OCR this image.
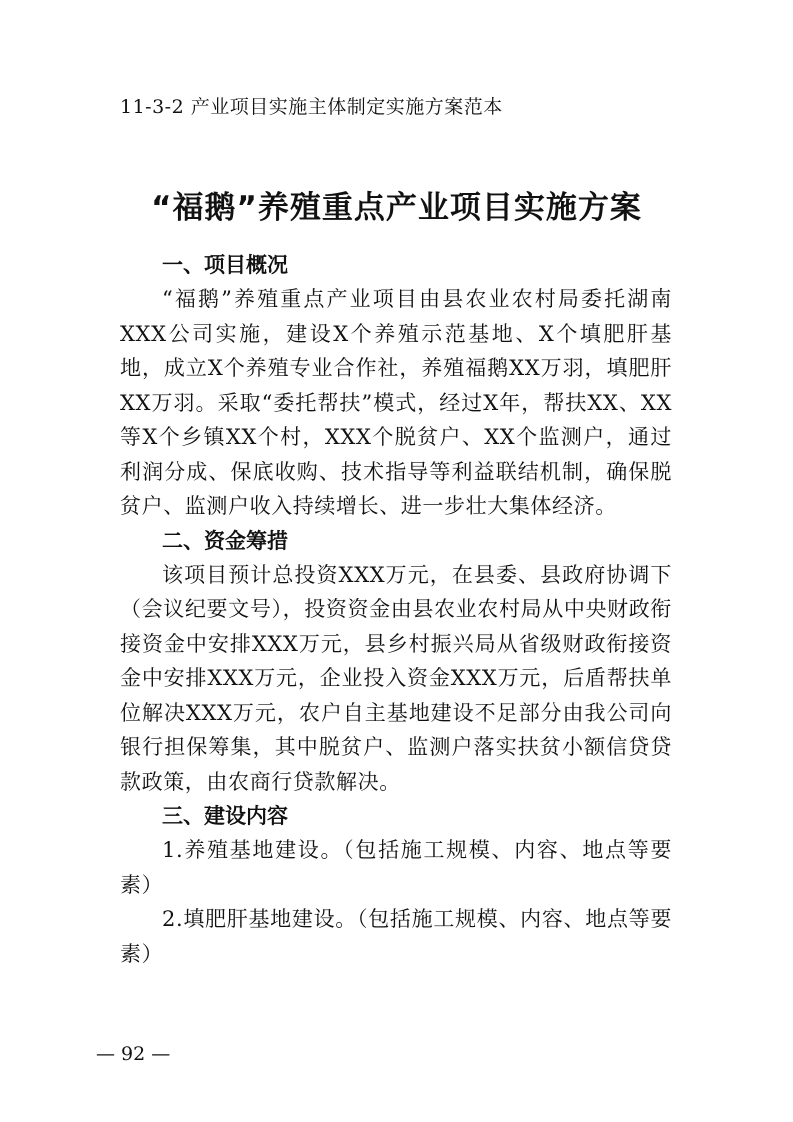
11-3-2 产业项目实施主体制定实施方案范本
“福鹅”养殖重点产业项目实施方案

一、项目概况

“福鹅”养殖重点产业项目由县农业农村局委托湖南XXX公司实施，建设X个养殖示范基地、X个填肥肝基地，成立X个养殖专业合作社，养殖福鹅XX万羽，填肥肝XX万羽。采取“委托帮扶”模式，经过X年，帮扶XX、XX等X个乡镇XX个村，XXX个脱贫户、XX个监测户，通过利润分成、保底收购、技术指导等利益联结机制，确保脱贫户、监测户收入持续增长、进一步壮大集体经济。

二、资金筹措

该项目预计总投资XXX万元，在县委、县政府协调下（会议纪要文号），投资资金由县农业农村局从中央财政衔接资金中安排XXX万元，县乡村振兴局从省级财政衔接资金中安排XXX万元，企业投入资金XXX万元，后盾帮扶单位解决XXX万元，农户自主基地建设不足部分由我公司向银行担保筹集，其中脱贫户、监测户落实扶贫小额信贷贷款政策，由农商行贷款解决。

三、建设内容

1.养殖基地建设。（包括施工规模、内容、地点等要素）

2.填肥肝基地建设。（包括施工规模、内容、地点等要素）

— 92 —
